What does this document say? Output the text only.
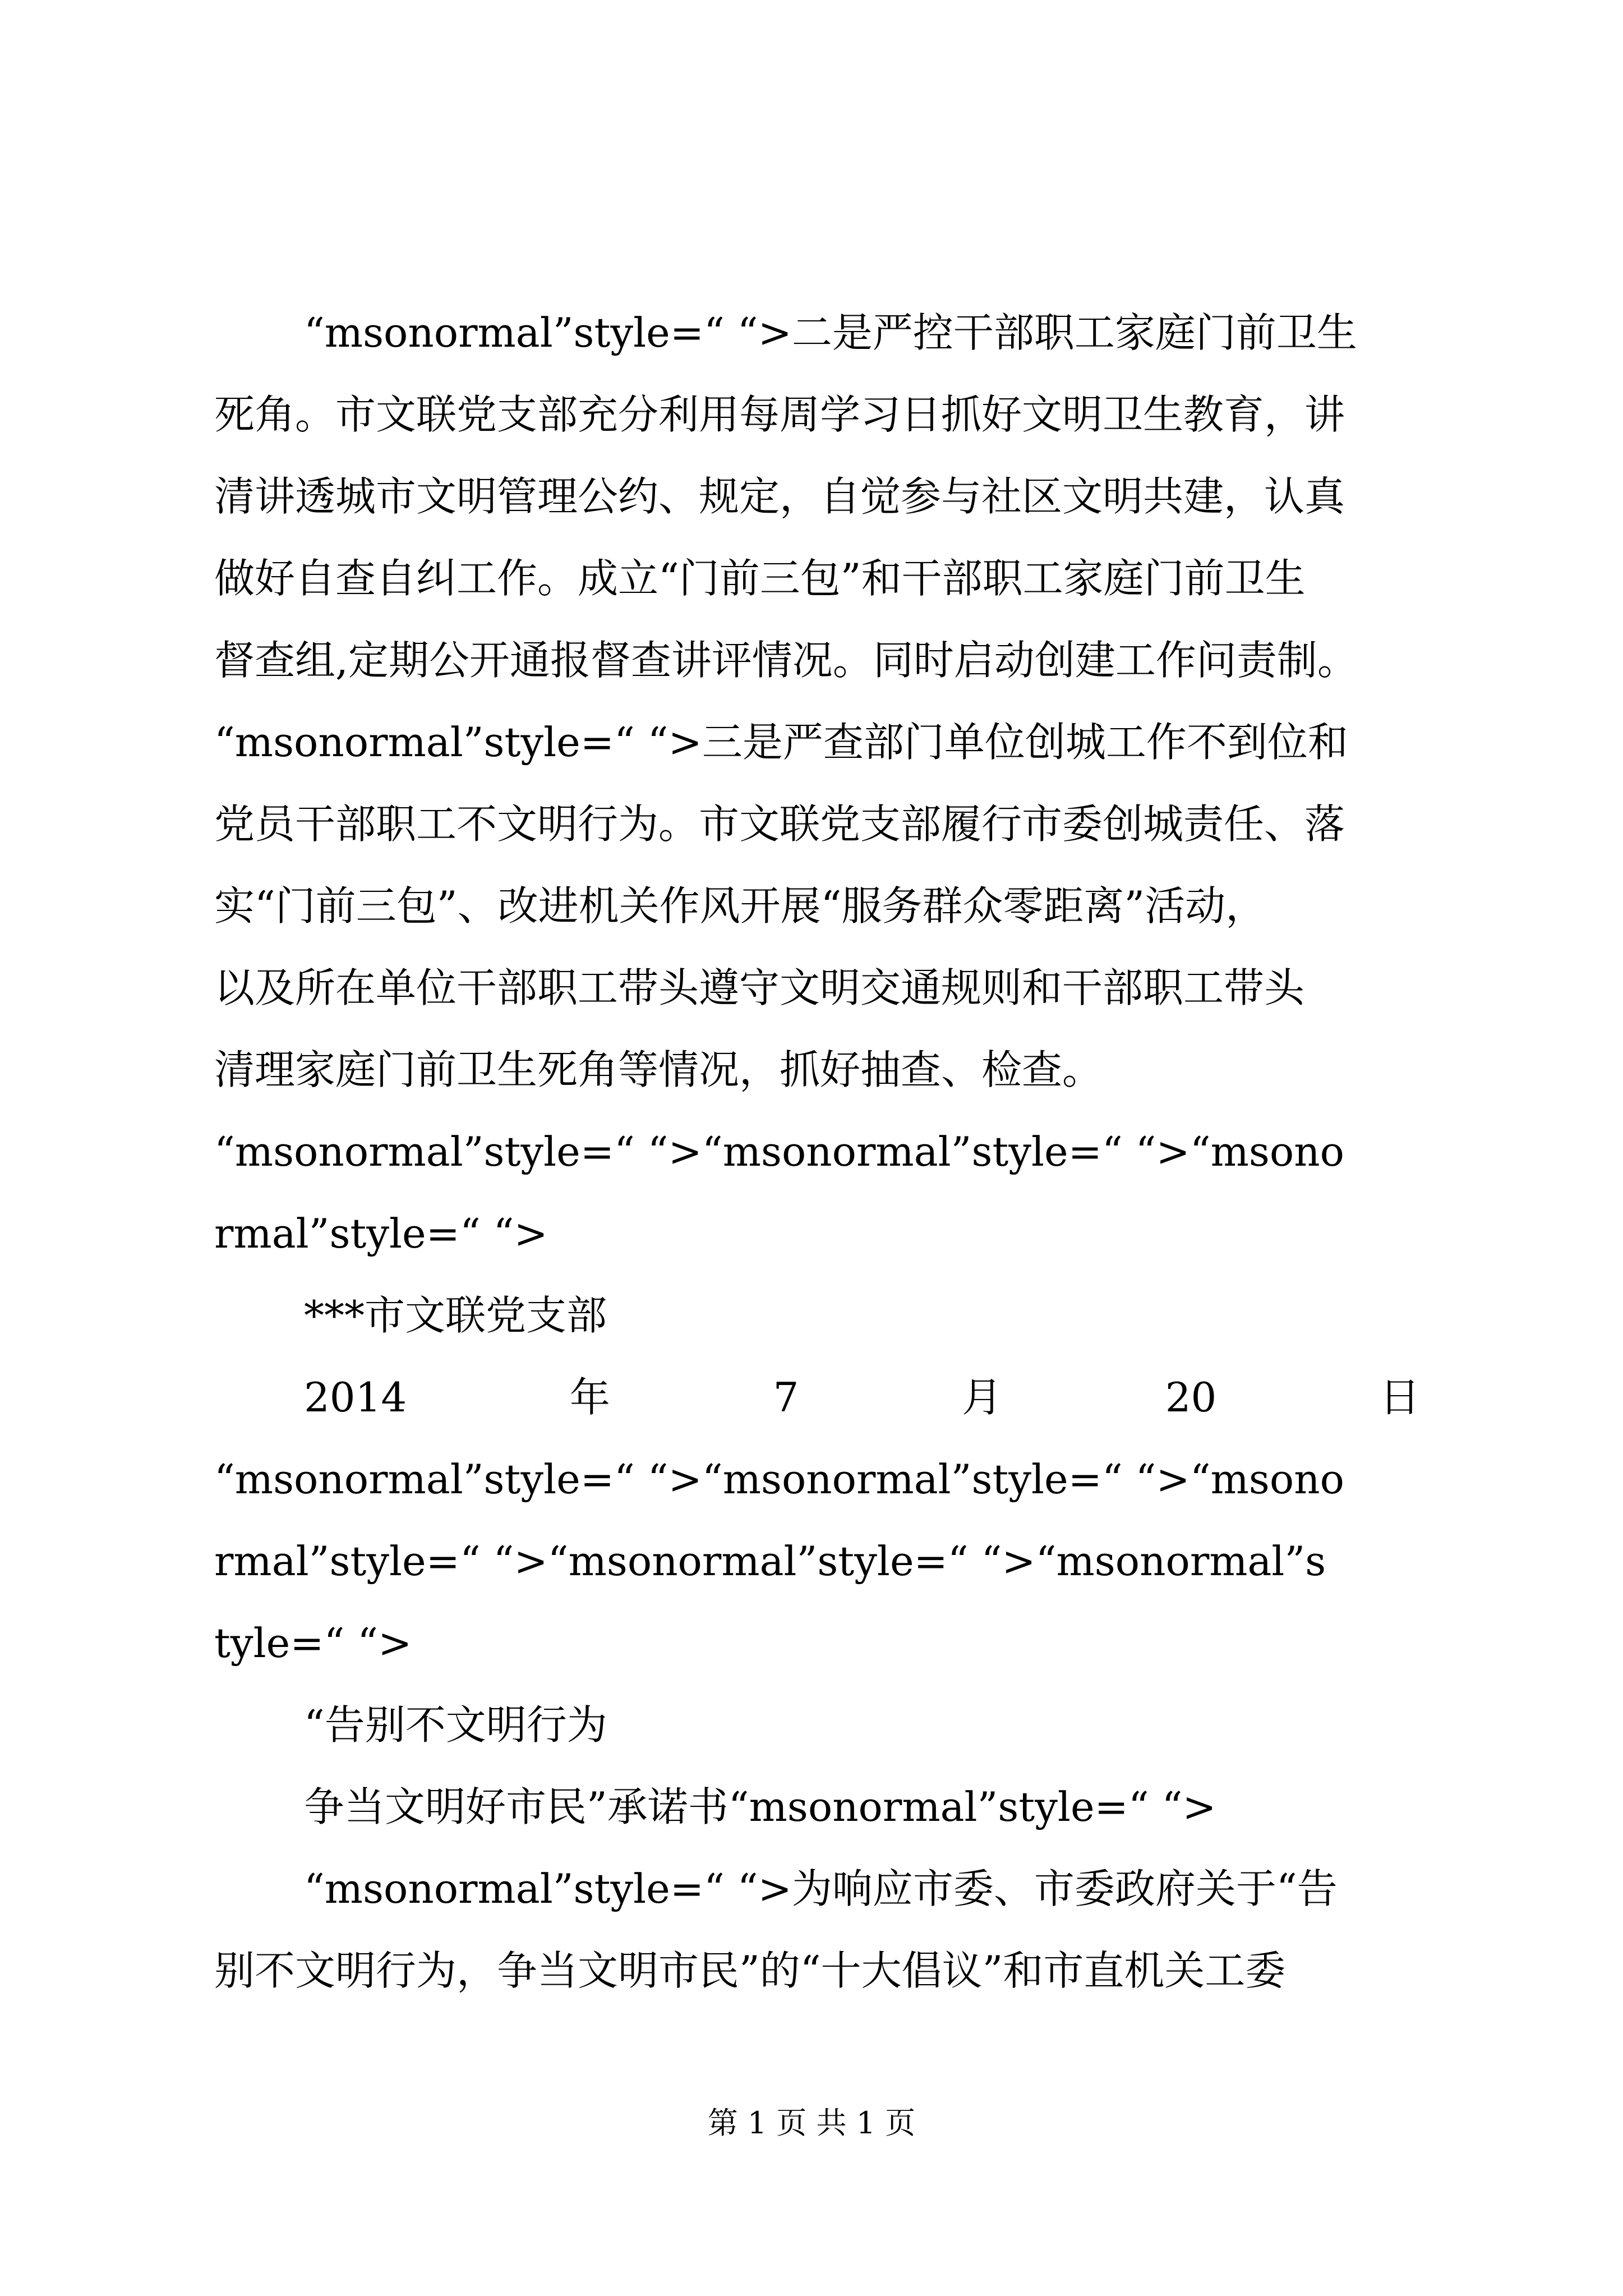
“msonormal”style=“ “>二是严控干部职工家庭门前卫生
死角。市文联党支部充分利用每周学习日抓好文明卫生教育，讲
清讲透城市文明管理公约、规定，自觉参与社区文明共建，认真
做好自查自纠工作。成立“门前三包”和干部职工家庭门前卫生
督查组,定期公开通报督查讲评情况。同时启动创建工作问责制。
“msonormal”style=“ “>三是严查部门单位创城工作不到位和
党员干部职工不文明行为。市文联党支部履行市委创城责任、落
实“门前三包”、改进机关作风开展“服务群众零距离”活动，
以及所在单位干部职工带头遵守文明交通规则和干部职工带头
清理家庭门前卫生死角等情况，抓好抽查、检查。
“msonormal”style=“ “>“msonormal”style=“ “>“msono
rmal”style=“ “>
***市文联党支部
2014	年	7	月	20	日
“msonormal”style=“ “>“msonormal”style=“ “>“msono
rmal”style=“ “>“msonormal”style=“ “>“msonormal”s
tyle=“ “>
“告别不文明行为
争当文明好市民”承诺书“msonormal”style=“ “>
“msonormal”style=“ “>为响应市委、市委政府关于“告
别不文明行为，争当文明市民”的“十大倡议”和市直机关工委
第 1 页 共 1 页
